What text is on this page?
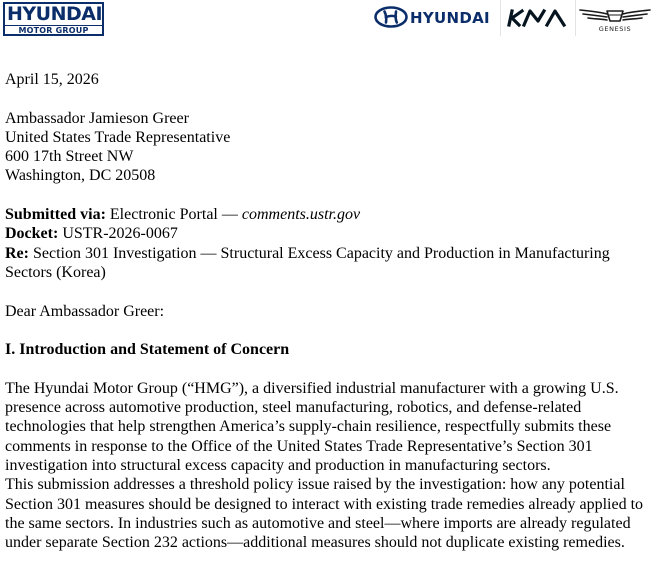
HYUNDAI
MOTOR GROUP
HYUNDAI
GENESIS

April 15, 2026

Ambassador Jamieson Greer

United States Trade Representative

600 17th Street NW

Washington, DC 20508

Submitted via: Electronic Portal — comments.ustr.gov

Docket: USTR-2026-0067

Re: Section 301 Investigation — Structural Excess Capacity and Production in Manufacturing Sectors (Korea)

Dear Ambassador Greer:

I. Introduction and Statement of Concern

The Hyundai Motor Group (“HMG”), a diversified industrial manufacturer with a growing U.S. presence across automotive production, steel manufacturing, robotics, and defense-related technologies that help strengthen America’s supply-chain resilience, respectfully submits these comments in response to the Office of the United States Trade Representative’s Section 301 investigation into structural excess capacity and production in manufacturing sectors.

This submission addresses a threshold policy issue raised by the investigation: how any potential Section 301 measures should be designed to interact with existing trade remedies already applied to the same sectors. In industries such as automotive and steel—where imports are already regulated under separate Section 232 actions—additional measures should not duplicate existing remedies.
